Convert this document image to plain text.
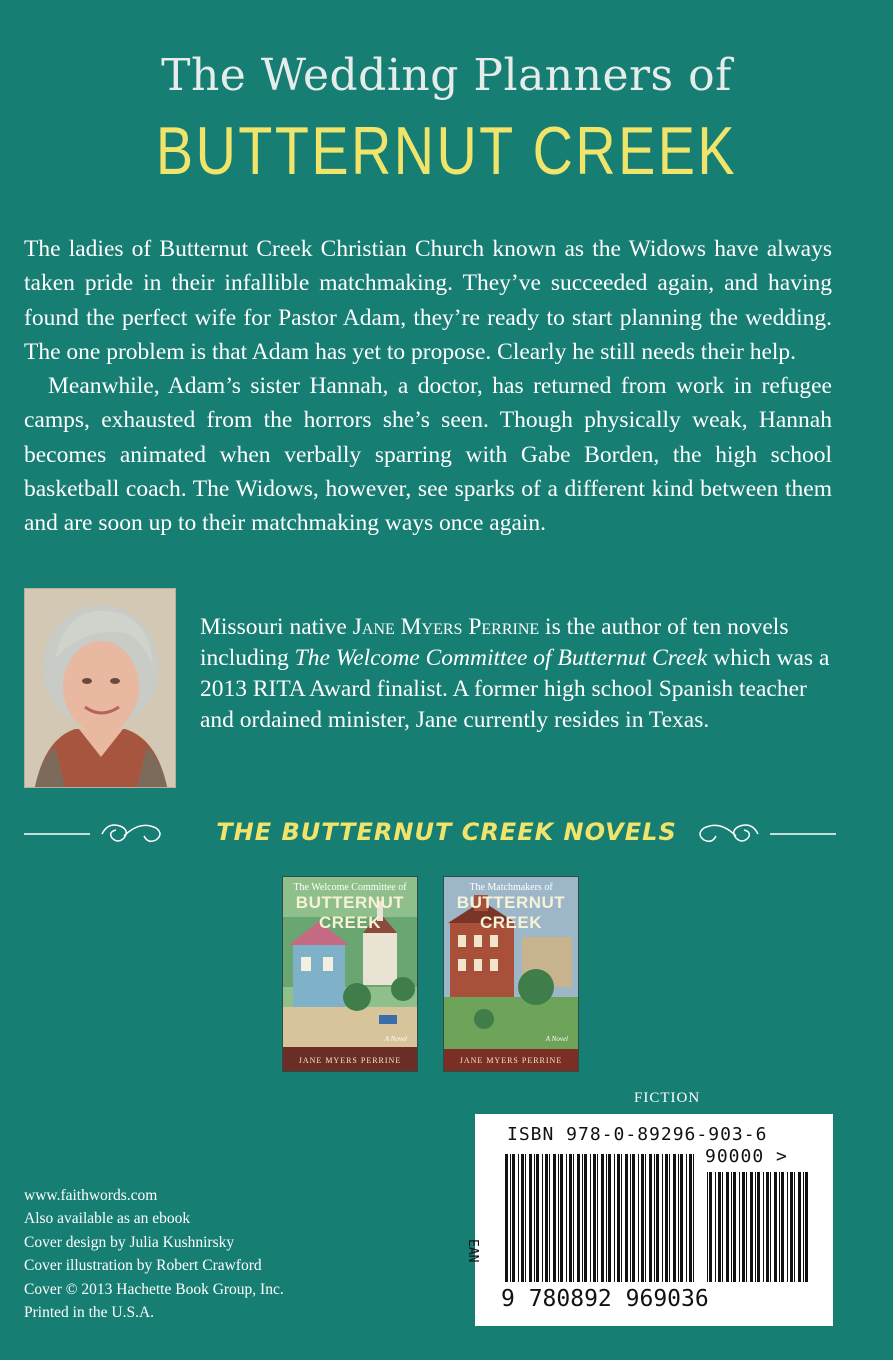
The Wedding Planners of
BUTTERNUT CREEK

The ladies of Butternut Creek Christian Church known as the Widows have always taken pride in their infallible matchmaking. They’ve succeeded again, and having found the perfect wife for Pastor Adam, they’re ready to start planning the wedding. The one problem is that Adam has yet to propose. Clearly he still needs their help.

Meanwhile, Adam’s sister Hannah, a doctor, has returned from work in refugee camps, exhausted from the horrors she’s seen. Though physically weak, Hannah becomes animated when verbally sparring with Gabe Borden, the high school basketball coach. The Widows, however, see sparks of a different kind between them and are soon up to their matchmaking ways once again.

Missouri native Jane Myers Perrine is the author of ten novels including The Welcome Committee of Butternut Creek which was a 2013 RITA Award finalist. A former high school Spanish teacher and ordained minister, Jane currently resides in Texas.
THE BUTTERNUT CREEK NOVELS
The Welcome Committee of
BUTTERNUT CREEK
A Novel
JANE MYERS PERRINE
The Matchmakers of
BUTTERNUT CREEK
A Novel
JANE MYERS PERRINE
FICTION
ISBN 978-0-89296-903-6
90000 >
EAN
9 780892 969036
www.faithwords.com
Also available as an ebook
Cover design by Julia Kushnirsky
Cover illustration by Robert Crawford
Cover © 2013 Hachette Book Group, Inc.
Printed in the U.S.A.
